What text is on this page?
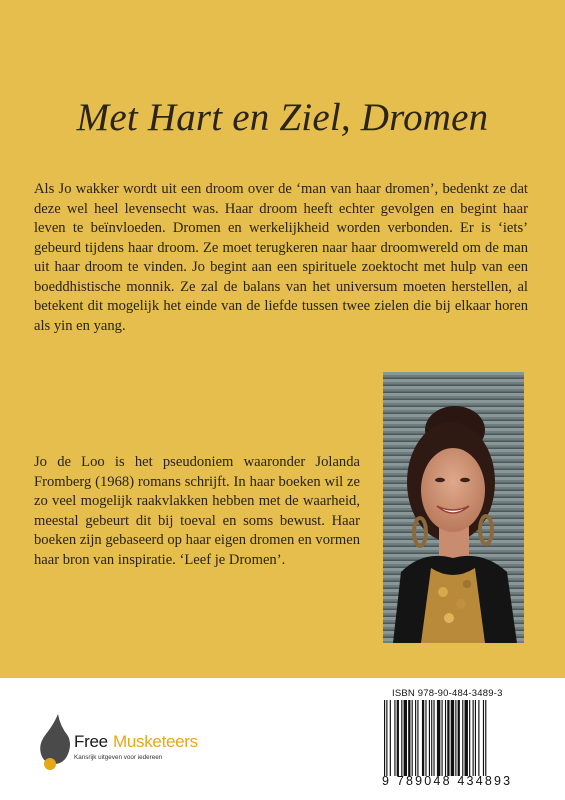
Met Hart en Ziel, Dromen

Als Jo wakker wordt uit een droom over de ‘man van haar dromen’, bedenkt ze dat deze wel heel levensecht was. Haar droom heeft echter gevolgen en begint haar leven te beïnvloeden. Dromen en werkelijkheid worden verbonden. Er is ‘iets’ gebeurd tijdens haar droom. Ze moet terugkeren naar haar droomwereld om de man uit haar droom te vinden. Jo begint aan een spirituele zoektocht met hulp van een boeddhistische monnik. Ze zal de balans van het universum moeten herstellen, al betekent dit mogelijk het einde van de liefde tussen twee zielen die bij elkaar horen als yin en yang.

Jo de Loo is het pseudoniem waaronder Jolanda Fromberg (1968) romans schrijft. In haar boeken wil ze zo veel mogelijk raakvlakken hebben met de waarheid, meestal gebeurt dit bij toeval en soms bewust. Haar boeken zijn gebaseerd op haar eigen dromen en vormen haar bron van inspiratie. ‘Leef je Dromen’.

Free Musketeers
Kansrijk uitgeven voor iedereen
ISBN 978-90-484-3489-3
9 789048 434893
